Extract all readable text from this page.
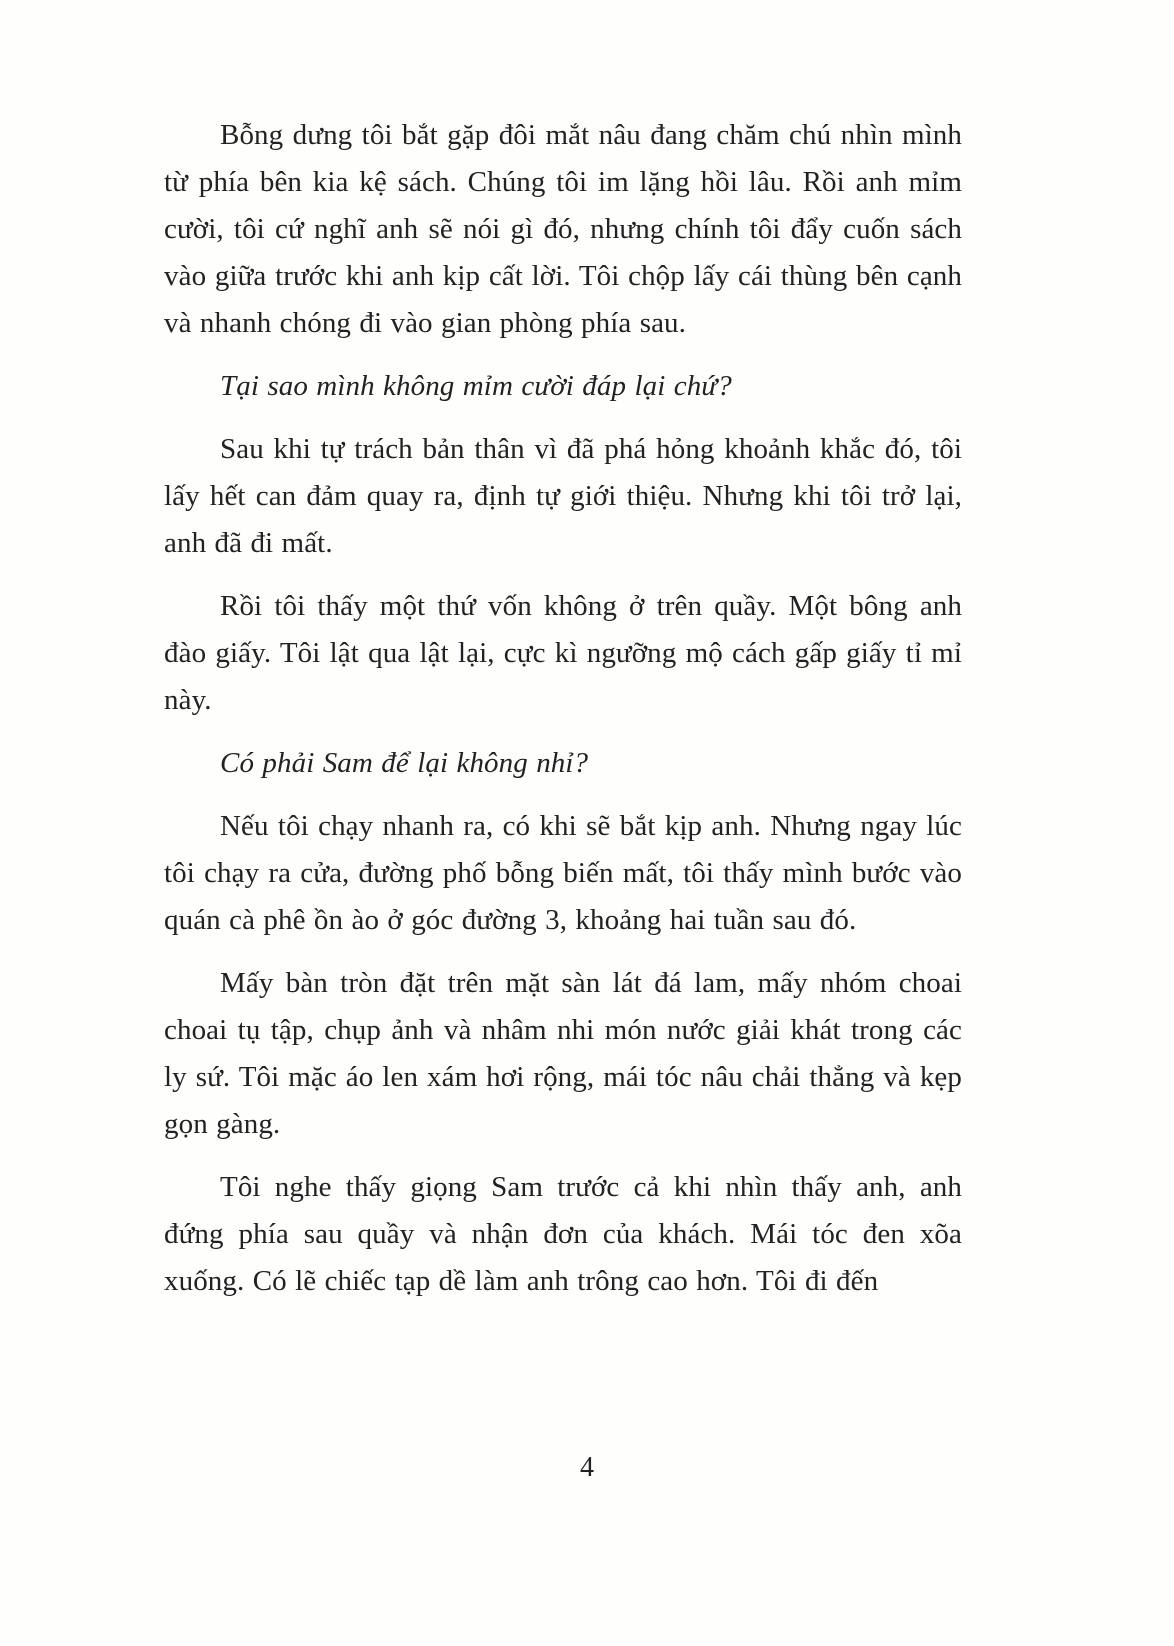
Bỗng dưng tôi bắt gặp đôi mắt nâu đang chăm chú nhìn mình từ phía bên kia kệ sách. Chúng tôi im lặng hồi lâu. Rồi anh mỉm cười, tôi cứ nghĩ anh sẽ nói gì đó, nhưng chính tôi đẩy cuốn sách vào giữa trước khi anh kịp cất lời. Tôi chộp lấy cái thùng bên cạnh và nhanh chóng đi vào gian phòng phía sau.

Tại sao mình không mỉm cười đáp lại chứ?

Sau khi tự trách bản thân vì đã phá hỏng khoảnh khắc đó, tôi lấy hết can đảm quay ra, định tự giới thiệu. Nhưng khi tôi trở lại, anh đã đi mất.

Rồi tôi thấy một thứ vốn không ở trên quầy. Một bông anh đào giấy. Tôi lật qua lật lại, cực kì ngưỡng mộ cách gấp giấy tỉ mỉ này.

Có phải Sam để lại không nhỉ?

Nếu tôi chạy nhanh ra, có khi sẽ bắt kịp anh. Nhưng ngay lúc tôi chạy ra cửa, đường phố bỗng biến mất, tôi thấy mình bước vào quán cà phê ồn ào ở góc đường 3, khoảng hai tuần sau đó.

Mấy bàn tròn đặt trên mặt sàn lát đá lam, mấy nhóm choai choai tụ tập, chụp ảnh và nhâm nhi món nước giải khát trong các ly sứ. Tôi mặc áo len xám hơi rộng, mái tóc nâu chải thẳng và kẹp gọn gàng.

Tôi nghe thấy giọng Sam trước cả khi nhìn thấy anh, anh đứng phía sau quầy và nhận đơn của khách. Mái tóc đen xõa xuống. Có lẽ chiếc tạp dề làm anh trông cao hơn. Tôi đi đến

4
